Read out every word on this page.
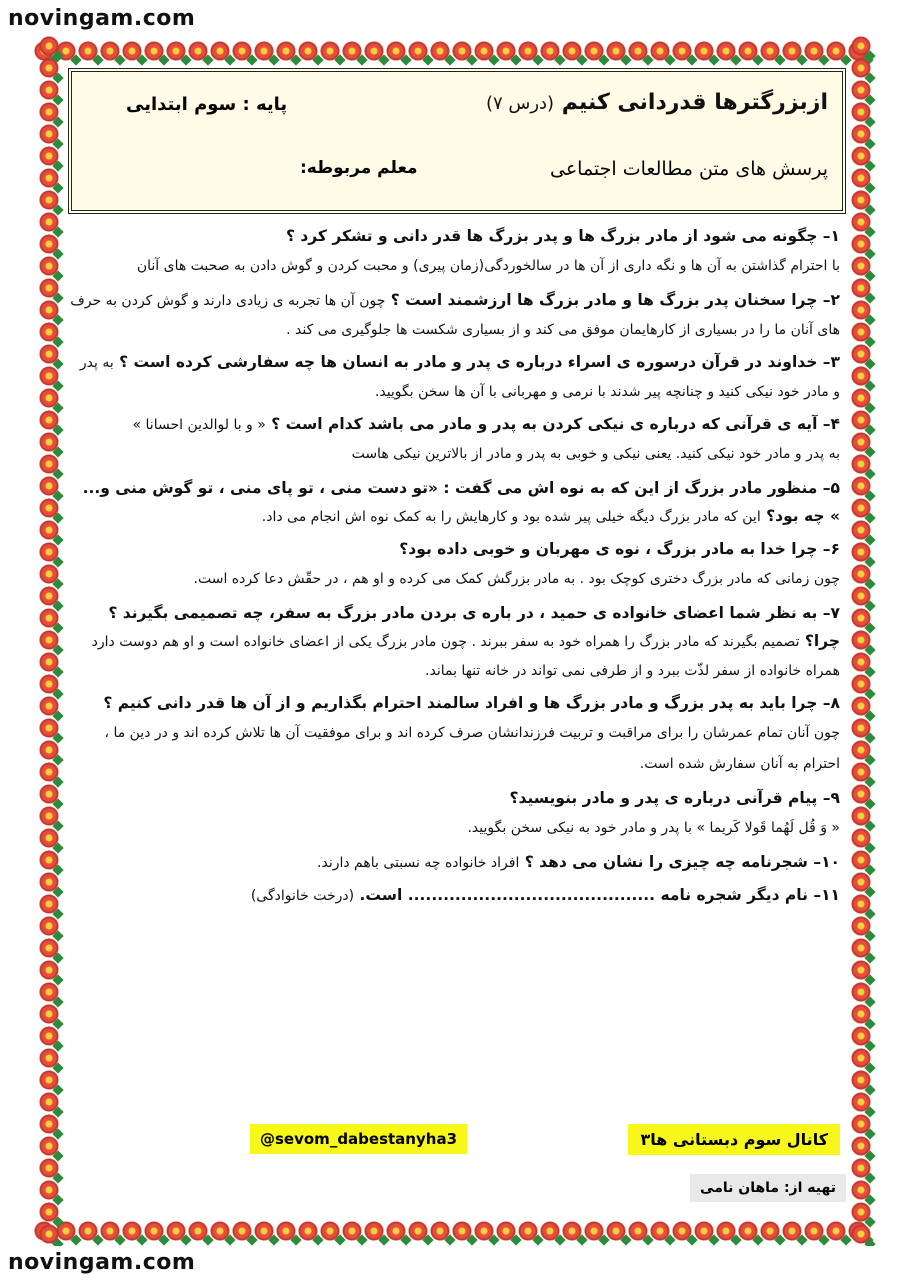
novingam.com
ازبزرگترها قدردانی کنیم (درس ۷)
پایه : سوم ابتدایی
پرسش های متن مطالعات اجتماعی
معلم مربوطه:
۱– چگونه می شود از مادر بزرگ ها و پدر بزرگ ها قدر دانی و تشکر کرد ؟
با احترام گذاشتن به آن ها و نگه داری از آن ها در سالخوردگی(زمان پیری) و محبت کردن و گوش دادن به صحبت های آنان
۲– چرا سخنان پدر بزرگ ها و مادر بزرگ ها ارزشمند است ؟ چون آن ها تجربه ی زیادی دارند و گوش کردن به حرف های آنان ما را در بسیاری از کارهایمان موفق می کند و از بسیاری شکست ها جلوگیری می کند .
۳– خداوند در قرآن درسوره ی اسراء درباره ی پدر و مادر به انسان ها چه سفارشی کرده است ؟ به پدر و مادر خود نیکی کنید و چنانچه پیر شدند با نرمی و مهربانی با آن ها سخن بگویید.
۴– آیه ی قرآنی که درباره ی نیکی کردن به پدر و مادر می باشد کدام است ؟ « و با لوالدین احسانا »
به پدر و مادر خود نیکی کنید. یعنی نیکی و خوبی به پدر و مادر از بالاترین نیکی هاست
۵– منظور مادر بزرگ از این که به نوه اش می گفت : «تو دست منی ، تو پای منی ، تو گوش منی و... » چه بود؟ این که مادر بزرگ دیگه خیلی پیر شده بود و کارهایش را به کمک نوه اش انجام می داد.
۶– چرا خدا به مادر بزرگ ، نوه ی مهربان و خوبی داده بود؟
چون زمانی که مادر بزرگ دختری کوچک بود . به مادر بزرگش کمک می کرده و او هم ، در حقّش دعا کرده است.
۷– به نظر شما اعضای خانواده ی حمید ، در باره ی بردن مادر بزرگ به سفر، چه تصمیمی بگیرند ؟ چرا؟ تصمیم بگیرند که مادر بزرگ را همراه خود به سفر ببرند . چون مادر بزرگ یکی از اعضای خانواده است و او هم دوست دارد همراه خانواده از سفر لذّت ببرد و از طرفی نمی تواند در خانه تنها بماند.
۸– چرا باید به پدر بزرگ و مادر بزرگ ها و افراد سالمند احترام بگذاریم و از آن ها قدر دانی کنیم ؟
چون آنان تمام عمرشان را برای مراقبت و تربیت فرزندانشان صرف کرده اند و برای موفقیت آن ها تلاش کرده اند و در دین ما ، احترام به آنان سفارش شده است.
۹– پیام قرآنی درباره ی پدر و مادر بنویسید؟
« وَ قُل لَهُما قَولا کَریما » با پدر و مادر خود به نیکی سخن بگویید.
۱۰– شجرنامه چه چیزی را نشان می دهد ؟ افراد خانواده چه نسبتی باهم دارند.
۱۱– نام دیگر شجره نامه .......................................... است. (درخت خانوادگی)
@sevom_dabestanyha3	کانال سوم دبستانی ها۳
تهیه از: ماهان نامی
novingam.com
